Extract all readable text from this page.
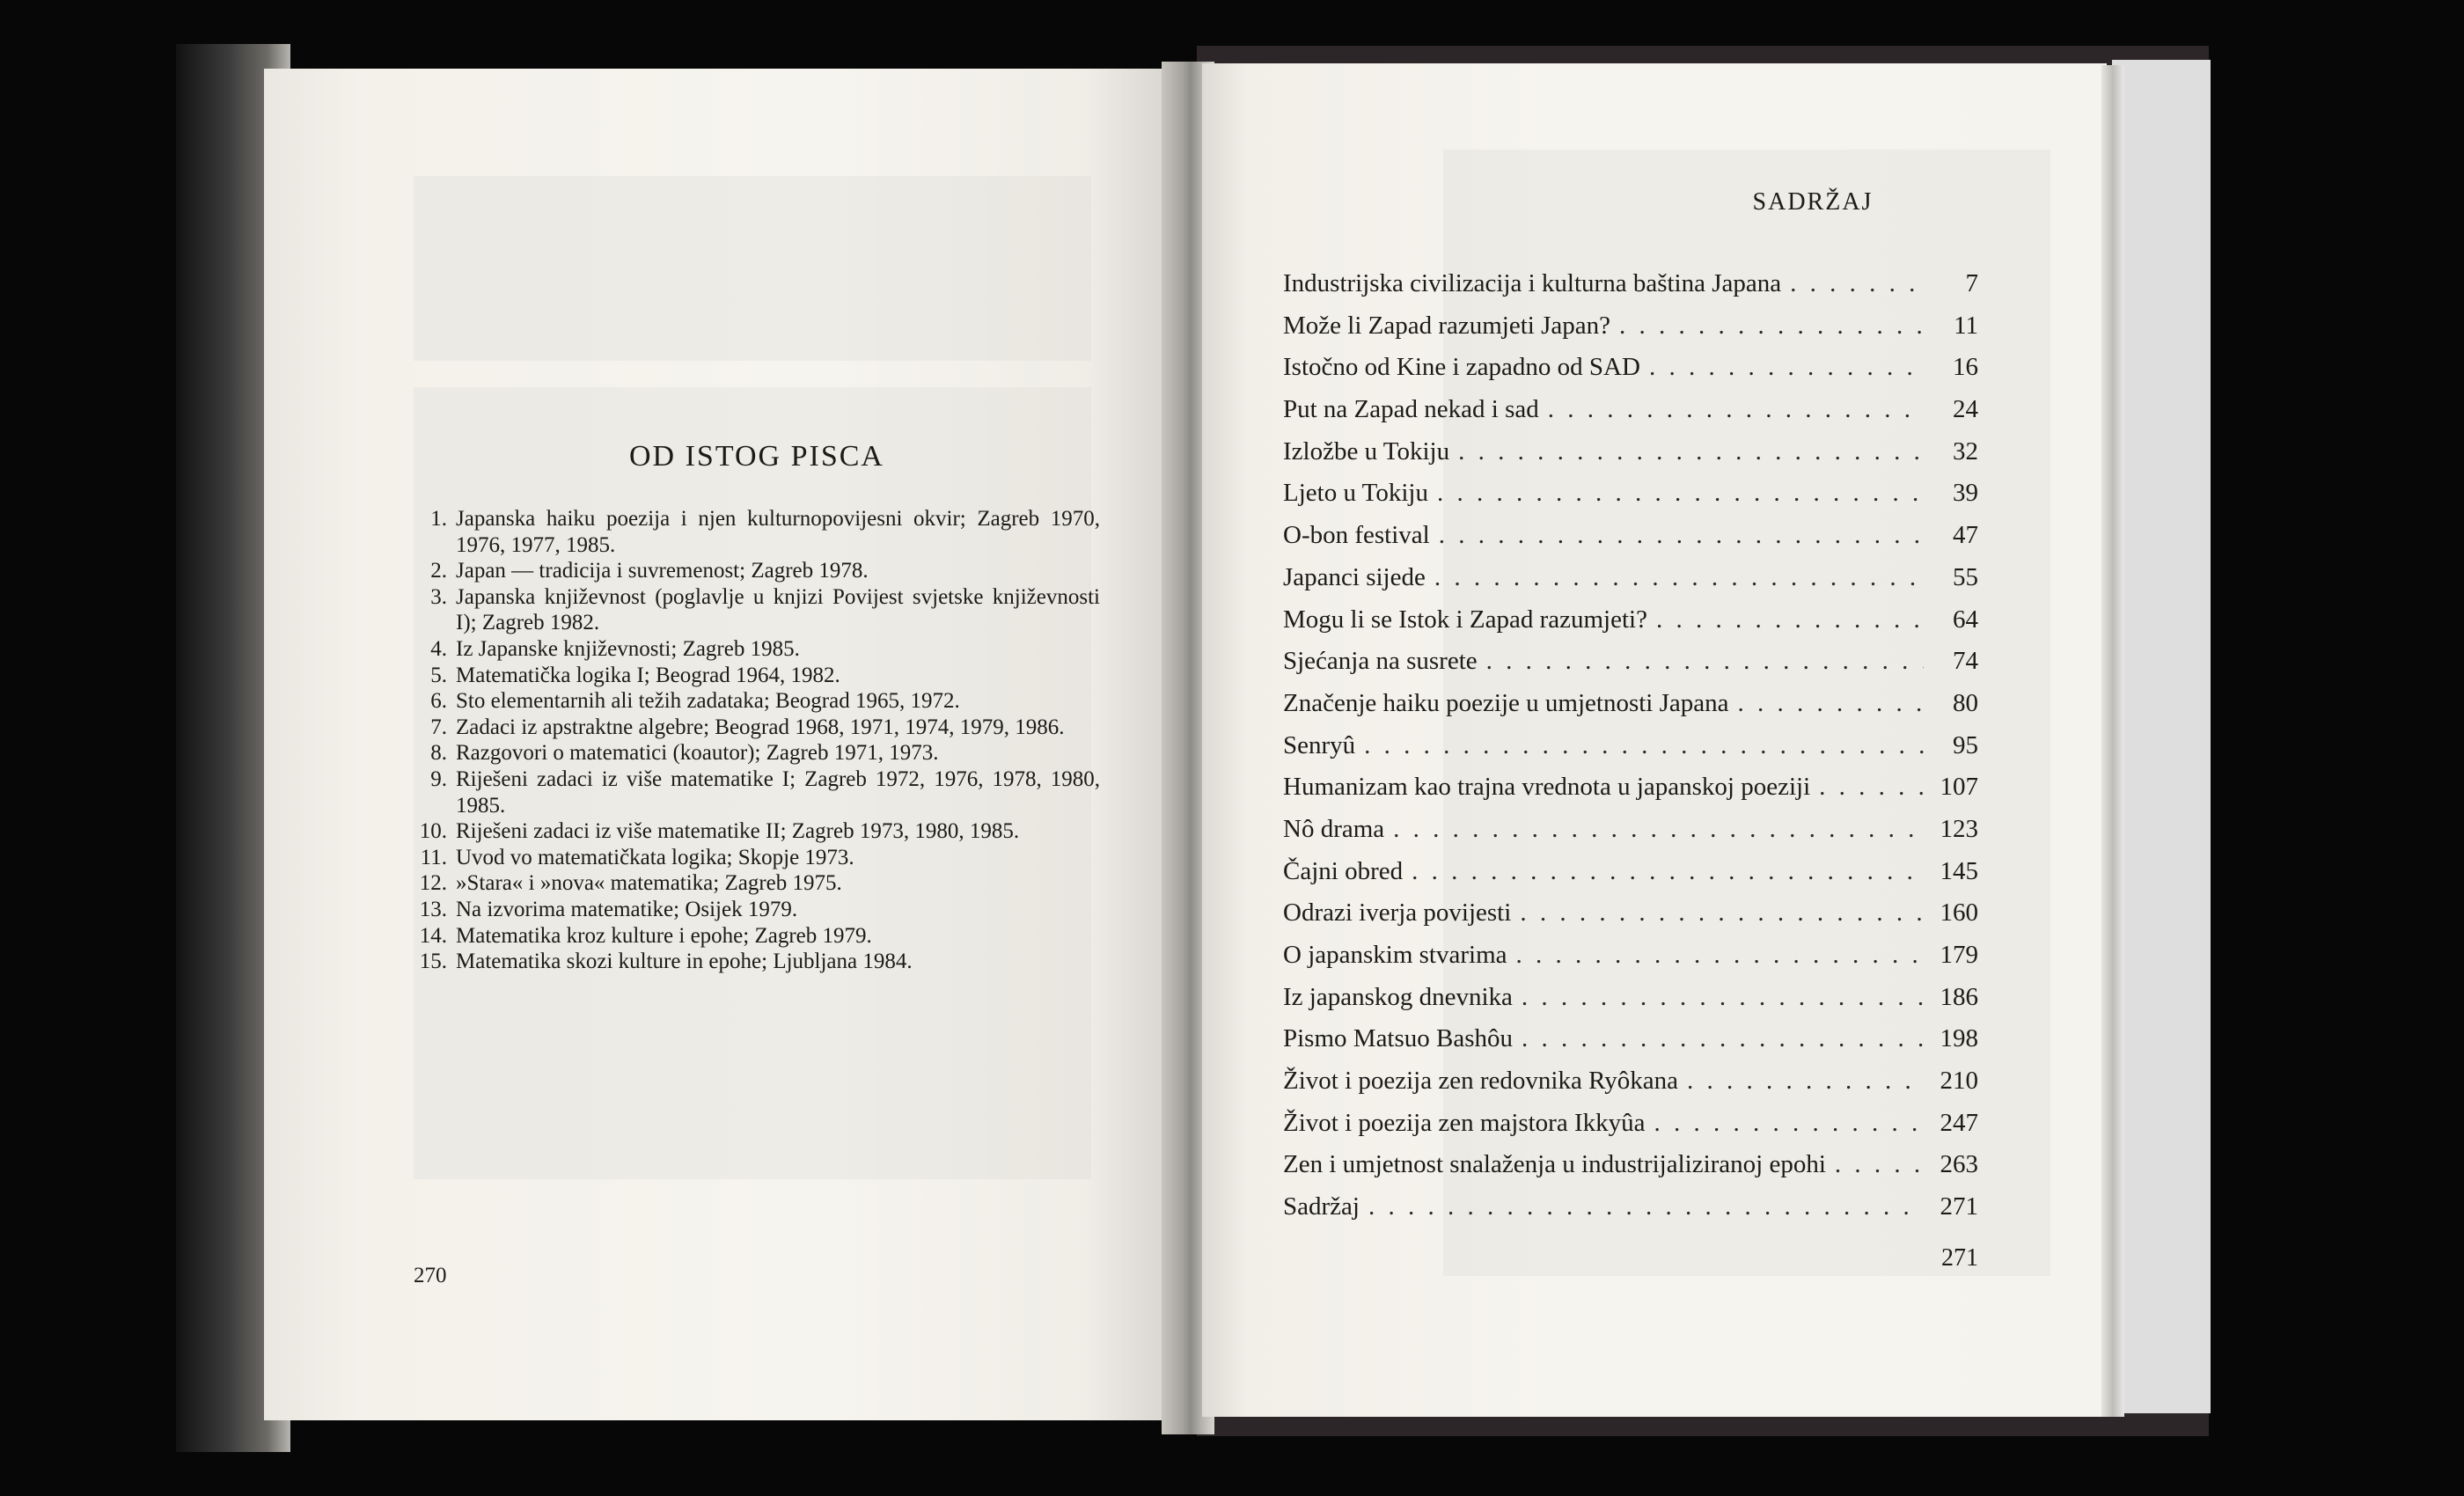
OD ISTOG PISCA
1. Japanska haiku poezija i njen kulturnopovijesni okvir; Zagreb 1970, 1976, 1977, 1985.
2. Japan — tradicija i suvremenost; Zagreb 1978.
3. Japanska književnost (poglavlje u knjizi Povijest svjetske književnosti I); Zagreb 1982.
4. Iz Japanske književnosti; Zagreb 1985.
5. Matematička logika I; Beograd 1964, 1982.
6. Sto elementarnih ali težih zadataka; Beograd 1965, 1972.
7. Zadaci iz apstraktne algebre; Beograd 1968, 1971, 1974, 1979, 1986.
8. Razgovori o matematici (koautor); Zagreb 1971, 1973.
9. Riješeni zadaci iz više matematike I; Zagreb 1972, 1976, 1978, 1980, 1985.
10. Riješeni zadaci iz više matematike II; Zagreb 1973, 1980, 1985.
11. Uvod vo matematičkata logika; Skopje 1973.
12. »Stara« i »nova« matematika; Zagreb 1975.
13. Na izvorima matematike; Osijek 1979.
14. Matematika kroz kulture i epohe; Zagreb 1979.
15. Matematika skozi kulture in epohe; Ljubljana 1984.
270
SADRŽAJ
Industrijska civilizacija i kulturna baština Japana . . .	7
Može li Zapad razumjeti Japan? . . .	11
Istočno od Kine i zapadno od SAD . . .	16
Put na Zapad nekad i sad . . .	24
Izložbe u Tokiju . . .	32
Ljeto u Tokiju . . .	39
O-bon festival . . .	47
Japanci sijede . . .	55
Mogu li se Istok i Zapad razumjeti? . . .	64
Sjećanja na susrete . . .	74
Značenje haiku poezije u umjetnosti Japana . . .	80
Senryû . . .	95
Humanizam kao trajna vrednota u japanskoj poeziji . . .	107
Nô drama . . .	123
Čajni obred . . .	145
Odrazi iverja povijesti . . .	160
O japanskim stvarima . . .	179
Iz japanskog dnevnika . . .	186
Pismo Matsuo Bashôu . . .	198
Život i poezija zen redovnika Ryôkana . . .	210
Život i poezija zen majstora Ikkyûa . . .	247
Zen i umjetnost snalaženja u industrijaliziranoj epohi . . .	263
Sadržaj . . .	271
271
